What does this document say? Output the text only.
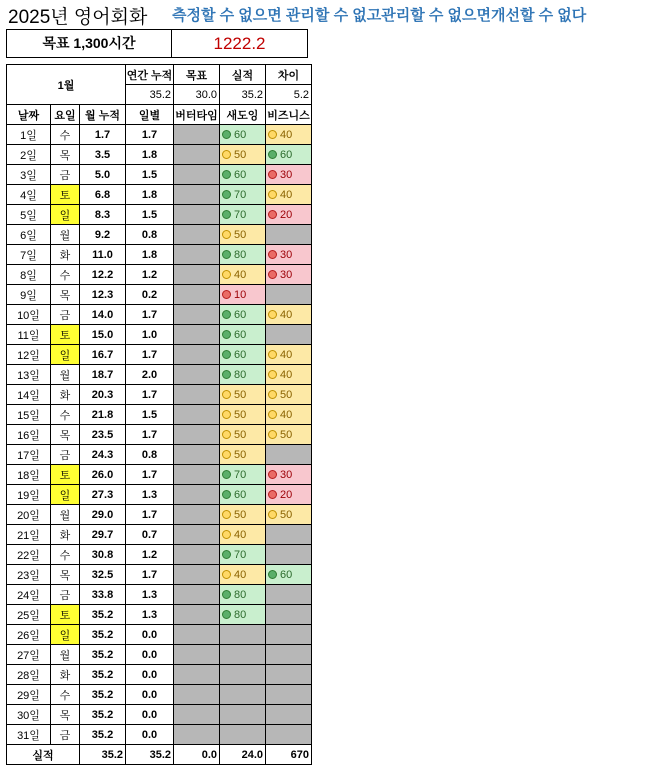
2025년 영어회화 측정할 수 없으면 관리할 수 없고관리할 수 없으면개선할 수 없다
목표 1,300시간	1222.2
1월			연간 누적	목표	실적	차이
			35.2	30.0	35.2	5.2
날짜	요일	월 누적	일별	버터타임	새도잉	비즈니스
1일	수	1.7	1.7		60	40
2일	목	3.5	1.8		50	60
3일	금	5.0	1.5		60	30
4일	토	6.8	1.8		70	40
5일	일	8.3	1.5		70	20
6일	월	9.2	0.8		50	
7일	화	11.0	1.8		80	30
8일	수	12.2	1.2		40	30
9일	목	12.3	0.2		10	
10일	금	14.0	1.7		60	40
11일	토	15.0	1.0		60	
12일	일	16.7	1.7		60	40
13일	월	18.7	2.0		80	40
14일	화	20.3	1.7		50	50
15일	수	21.8	1.5		50	40
16일	목	23.5	1.7		50	50
17일	금	24.3	0.8		50	
18일	토	26.0	1.7		70	30
19일	일	27.3	1.3		60	20
20일	월	29.0	1.7		50	50
21일	화	29.7	0.7		40	
22일	수	30.8	1.2		70	
23일	목	32.5	1.7		40	60
24일	금	33.8	1.3		80	
25일	토	35.2	1.3		80	
26일	일	35.2	0.0			
27일	월	35.2	0.0			
28일	화	35.2	0.0			
29일	수	35.2	0.0			
30일	목	35.2	0.0			
31일	금	35.2	0.0			
실적		35.2	35.2	0.0	24.0	670
